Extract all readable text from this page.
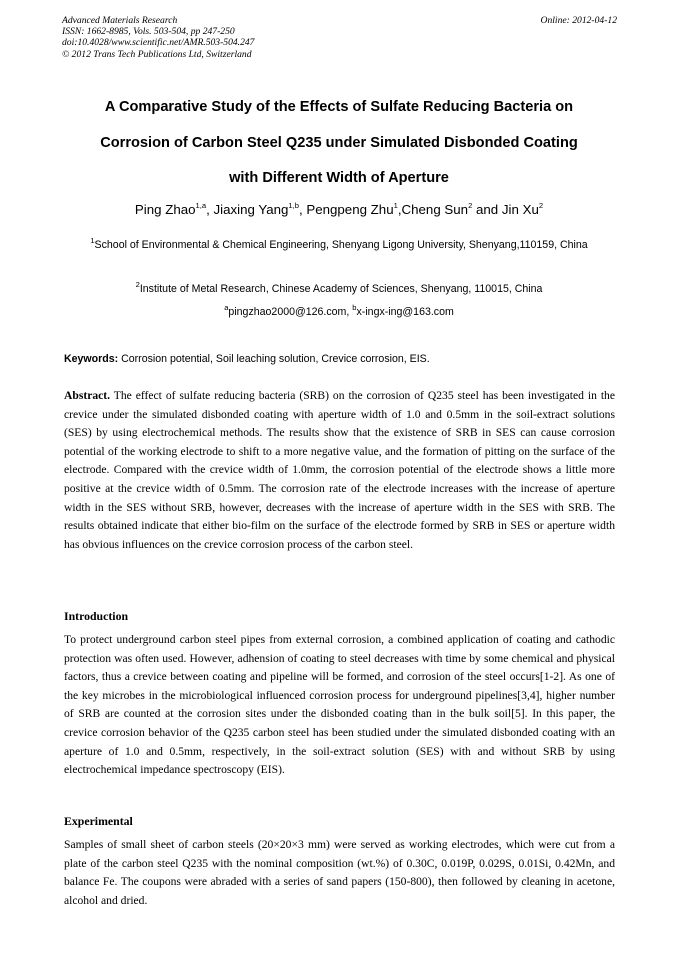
Advanced Materials Research
ISSN: 1662-8985, Vols. 503-504, pp 247-250
doi:10.4028/www.scientific.net/AMR.503-504.247
© 2012 Trans Tech Publications Ltd, Switzerland
Online: 2012-04-12
A Comparative Study of the Effects of Sulfate Reducing Bacteria on
Corrosion of Carbon Steel Q235 under Simulated Disbonded Coating
with Different Width of Aperture
Ping Zhao$^{1,a}$, Jiaxing Yang$^{1,b}$, Pengpeng Zhu$^1$,Cheng Sun$^2$ and Jin Xu$^2$
$^1$School of Environmental & Chemical Engineering, Shenyang Ligong University, Shenyang,110159, China
$^2$Institute of Metal Research, Chinese Academy of Sciences, Shenyang, 110015, China
$^a$pingzhao2000@126.com, $^b$x-ingx-ing@163.com
Keywords: Corrosion potential, Soil leaching solution, Crevice corrosion, EIS.

Abstract. The effect of sulfate reducing bacteria (SRB) on the corrosion of Q235 steel has been investigated in the crevice under the simulated disbonded coating with aperture width of 1.0 and 0.5mm in the soil-extract solutions (SES) by using electrochemical methods. The results show that the existence of SRB in SES can cause corrosion potential of the working electrode to shift to a more negative value, and the formation of pitting on the surface of the electrode. Compared with the crevice width of 1.0mm, the corrosion potential of the electrode shows a little more positive at the crevice width of 0.5mm. The corrosion rate of the electrode increases with the increase of aperture width in the SES without SRB, however, decreases with the increase of aperture width in the SES with SRB. The results obtained indicate that either bio-film on the surface of the electrode formed by SRB in SES or aperture width has obvious influences on the crevice corrosion process of the carbon steel.

Introduction

To protect underground carbon steel pipes from external corrosion, a combined application of coating and cathodic protection was often used. However, adhension of coating to steel decreases with time by some chemical and physical factors, thus a crevice between coating and pipeline will be formed, and corrosion of the steel occurs[1-2]. As one of the key microbes in the microbiological influenced corrosion process for underground pipelines[3,4], higher number of SRB are counted at the corrosion sites under the disbonded coating than in the bulk soil[5]. In this paper, the crevice corrosion behavior of the Q235 carbon steel has been studied under the simulated disbonded coating with an aperture of 1.0 and 0.5mm, respectively, in the soil-extract solution (SES) with and without SRB by using electrochemical impedance spectroscopy (EIS).

Experimental

Samples of small sheet of carbon steels (20×20×3 mm) were served as working electrodes, which were cut from a plate of the carbon steel Q235 with the nominal composition (wt.%) of 0.30C, 0.019P, 0.029S, 0.01Si, 0.42Mn, and balance Fe. The coupons were abraded with a series of sand papers (150-800), then followed by cleaning in acetone, alcohol and dried.
